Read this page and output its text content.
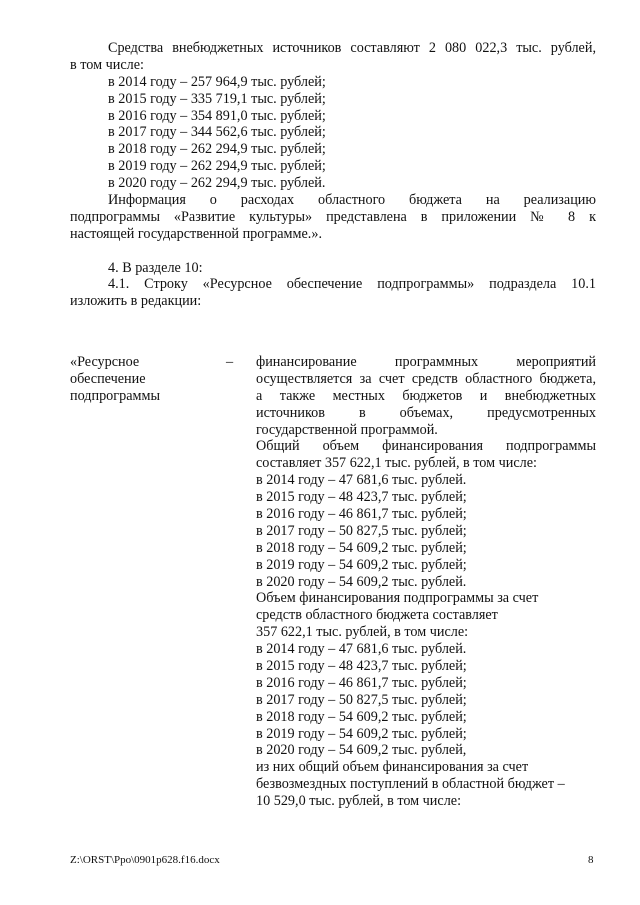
Средства внебюджетных источников составляют 2 080 022,3 тыс. рублей,
в том числе:
в 2014 году – 257 964,9 тыс. рублей;
в 2015 году – 335 719,1 тыс. рублей;
в 2016 году – 354 891,0 тыс. рублей;
в 2017 году – 344 562,6 тыс. рублей;
в 2018 году – 262 294,9 тыс. рублей;
в 2019 году – 262 294,9 тыс. рублей;
в 2020 году – 262 294,9 тыс. рублей.
Информация о расходах областного бюджета на реализацию
подпрограммы «Развитие культуры» представлена в приложении № 8 к
настоящей государственной программе.».
4. В разделе 10:
4.1. Строку «Ресурсное обеспечение подпрограммы» подраздела 10.1
изложить в редакции:
«Ресурсное
обеспечение
подпрограммы
– финансирование программных мероприятий
осуществляется за счет средств областного бюджета,
а также местных бюджетов и внебюджетных
источников в объемах, предусмотренных
государственной программой.
Общий объем финансирования подпрограммы
составляет 357 622,1 тыс. рублей, в том числе:
в 2014 году – 47 681,6 тыс. рублей.
в 2015 году – 48 423,7 тыс. рублей;
в 2016 году – 46 861,7 тыс. рублей;
в 2017 году – 50 827,5 тыс. рублей;
в 2018 году – 54 609,2 тыс. рублей;
в 2019 году – 54 609,2 тыс. рублей;
в 2020 году – 54 609,2 тыс. рублей.
Объем финансирования подпрограммы за счет
средств областного бюджета составляет
357 622,1 тыс. рублей, в том числе:
в 2014 году – 47 681,6 тыс. рублей.
в 2015 году – 48 423,7 тыс. рублей;
в 2016 году – 46 861,7 тыс. рублей;
в 2017 году – 50 827,5 тыс. рублей;
в 2018 году – 54 609,2 тыс. рублей;
в 2019 году – 54 609,2 тыс. рублей;
в 2020 году – 54 609,2 тыс. рублей,
из них общий объем финансирования за счет
безвозмездных поступлений в областной бюджет –
10 529,0 тыс. рублей, в том числе:
Z:\ORST\Ppo\0901p628.f16.docx	8
